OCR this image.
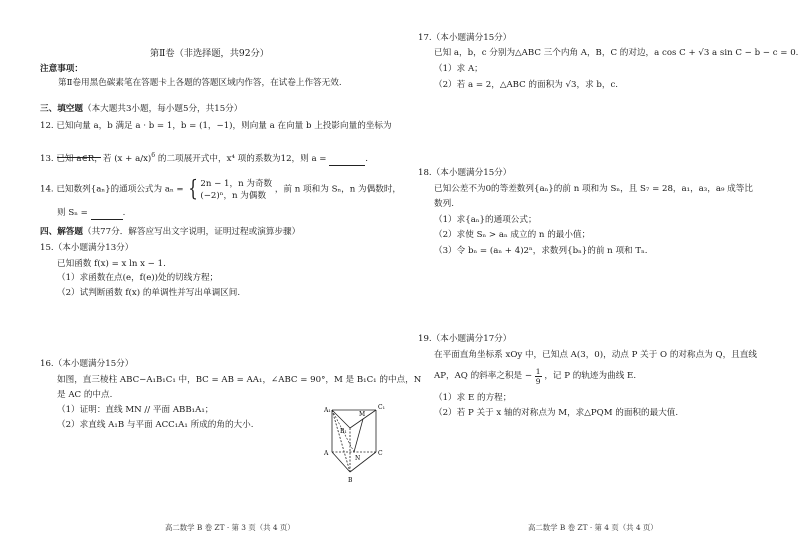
第Ⅱ卷（非选择题，共92分）
注意事项：
第Ⅱ卷用黑色碳素笔在答题卡上各题的答题区域内作答，在试卷上作答无效.
三、填空题（本大题共3小题，每小题5分，共15分）
12. 已知向量 a，b 满足 a · b = 1，b = (1，−1)，则向量 a 在向量 b 上投影向量的坐标为

13. 已知 a∈R，若 $(x + a/x)^6$ 的二项展开式中，x⁴ 项的系数为12，则 a =	.
14. 已知数列{aₙ}的通项公式为 aₙ = { 2n − 1，n 为奇数
(−2)ⁿ，n 为偶数
，前 n 项和为 Sₙ，n 为偶数时，
则 Sₙ =	.
四、解答题（共77分．解答应写出文字说明，证明过程或演算步骤）
15.（本小题满分13分）
已知函数 f(x) = x ln x − 1.
（1）求函数在点(e，f(e))处的切线方程；
（2）试判断函数 f(x) 的单调性并写出单调区间.
16.（本小题满分15分）
如图，直三棱柱 ABC−A₁B₁C₁ 中，BC = AB = AA₁，∠ABC = 90°，M 是 B₁C₁ 的中点，N
是 AC 的中点.
（1）证明：直线 MN // 平面 ABB₁A₁；
（2）求直线 A₁B 与平面 ACC₁A₁ 所成的角的大小.
A₁
M
C₁
B₁
N
A	C
B
高二数学 B 卷 ZT · 第 3 页（共 4 页）
17.（本小题满分15分）
已知 a，b，c 分别为△ABC 三个内角 A，B，C 的对边，a cos C + √3 a sin C − b − c = 0.
（1）求 A；
（2）若 a = 2，△ABC 的面积为 √3，求 b，c.
18.（本小题满分15分）
已知公差不为0的等差数列{aₙ}的前 n 项和为 Sₙ，且 S₇ = 28，a₁，a₃，a₉ 成等比
数列.
（1）求{aₙ}的通项公式；
（2）求使 Sₙ > aₙ 成立的 n 的最小值；
（3）令 bₙ = (aₙ + 4)2ⁿ，求数列{bₙ}的前 n 项和 Tₙ.
19.（本小题满分17分）
在平面直角坐标系 xOy 中，已知点 A(3，0)，动点 P 关于 O 的对称点为 Q，且直线
AP，AQ 的斜率之积是 − $\frac{1}{9}$ ，记 P 的轨迹为曲线 E.
（1）求 E 的方程；
（2）若 P 关于 x 轴的对称点为 M，求△PQM 的面积的最大值.
高二数学 B 卷 ZT · 第 4 页（共 4 页）
